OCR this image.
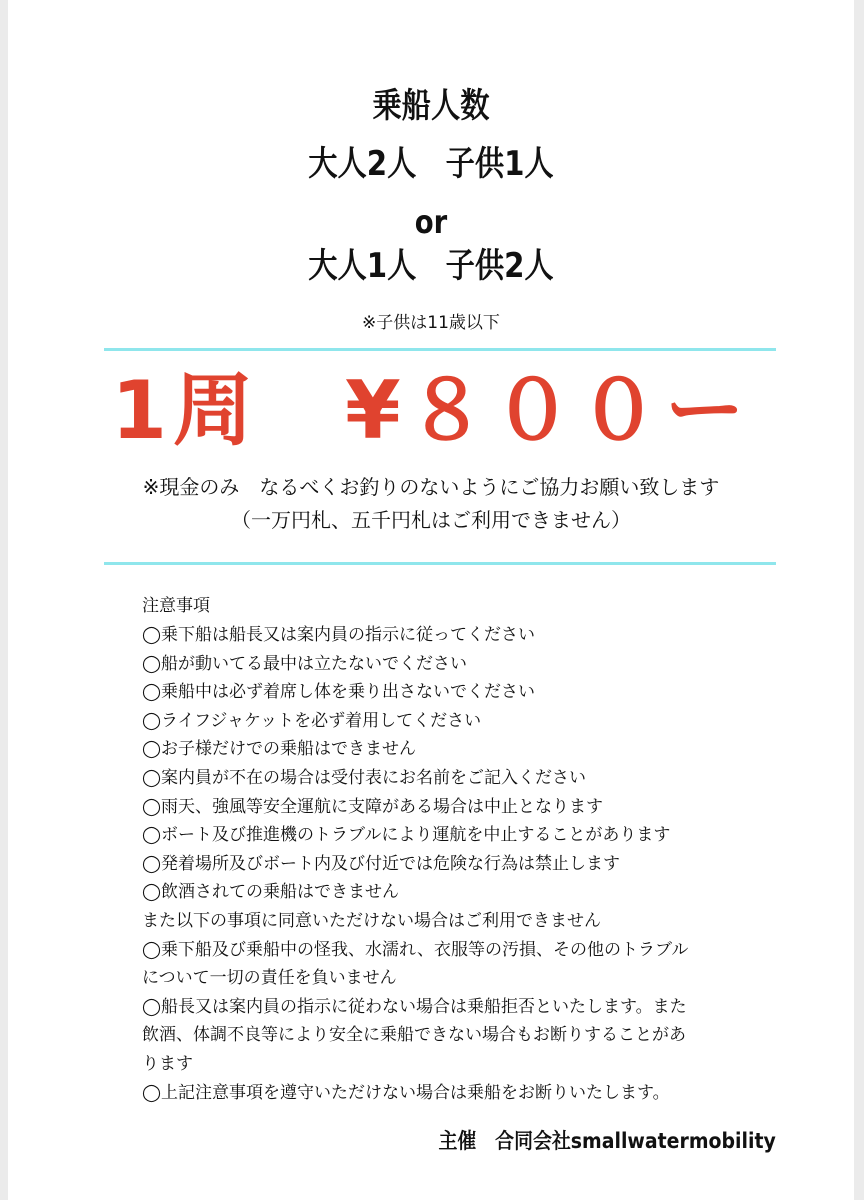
乗船人数
大人2人　子供1人
or
大人1人　子供2人
※子供は11歳以下
1周　¥８００ー
※現金のみ　なるべくお釣りのないようにご協力お願い致します
（一万円札、五千円札はご利用できません）
注意事項
◯乗下船は船長又は案内員の指示に従ってください
◯船が動いてる最中は立たないでください
◯乗船中は必ず着席し体を乗り出さないでください
◯ライフジャケットを必ず着用してください
◯お子様だけでの乗船はできません
◯案内員が不在の場合は受付表にお名前をご記入ください
◯雨天、強風等安全運航に支障がある場合は中止となります
◯ボート及び推進機のトラブルにより運航を中止することがあります
◯発着場所及びボート内及び付近では危険な行為は禁止します
◯飲酒されての乗船はできません
また以下の事項に同意いただけない場合はご利用できません
◯乗下船及び乗船中の怪我、水濡れ、衣服等の汚損、その他のトラブル
について一切の責任を負いません
◯船長又は案内員の指示に従わない場合は乗船拒否といたします。また
飲酒、体調不良等により安全に乗船できない場合もお断りすることがあ
ります
◯上記注意事項を遵守いただけない場合は乗船をお断りいたします。
主催　合同会社smallwatermobility
